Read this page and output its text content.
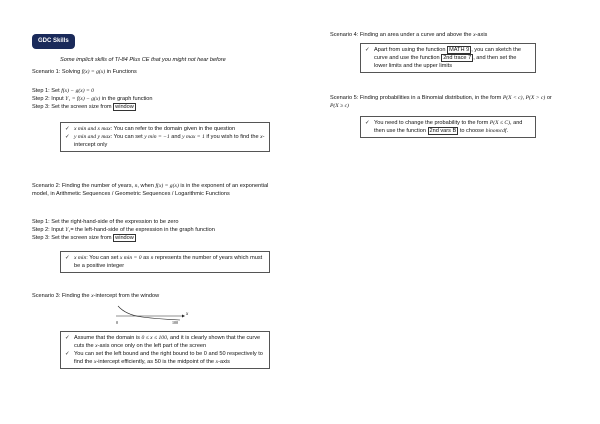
GDC Skills
Some implicit skills of TI-84 Plus CE that you might not hear before
Scenario 1: Solving f(x) = g(x) in Functions

Step 1: Set f(x) − g(x) = 0

Step 2: Input Y₁ = f(x) − g(x) in the graph function

Step 3: Set the screen size from window

✓ x min and x max: You can refer to the domain given in the question
✓ y min and y max: You can set y min = −1 and y max = 1 if you wish to find the x-intercept only
Scenario 2: Finding the number of years, n, when f(x) = g(x) is in the exponent of an exponential model, in Arithmetic Sequences / Geometric Sequences / Logarithmic Functions

Step 1: Set the right-hand-side of the expression to be zero

Step 2: Input Y₁= the left-hand-side of the expression in the graph function

Step 3: Set the screen size from window

✓ x min: You can set x min = 0 as n represents the number of years which must be a positive integer
Scenario 3: Finding the x-intercept from the window
x
0	100
✓ Assume that the domain is 0 ≤ x ≤ 100, and it is clearly shown that the curve cuts the x-axis once only on the left part of the screen
✓ You can set the left bound and the right bound to be 0 and 50 respectively to find the x-intercept efficiently, as 50 is the midpoint of the x-axis
Scenario 4: Finding an area under a curve and above the x-axis
✓ Apart from using the function MATH 9 , you can sketch the curve and use the function 2nd trace 7 , and then set the lower limits and the upper limits
Scenario 5: Finding probabilities in a Binomial distribution, in the form P(X < c), P(X > c) or P(X ≥ c)
✓ You need to change the probability to the form P(X ≤ C), and then use the function 2nd vars B to choose binomcdf.
